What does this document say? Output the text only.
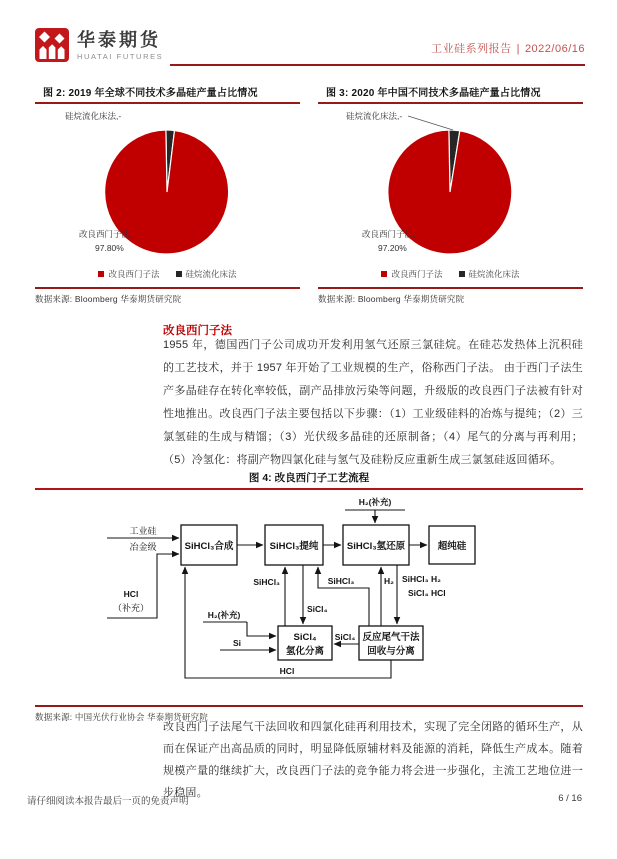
华泰期货
HUATAI FUTURES
工业硅系列报告 | 2022/06/16
图 2: 2019 年全球不同技术多晶硅产量占比情况
硅烷流化床法,-
改良西门子法,
97.80%
改良西门子法	硅烷流化床法
数据来源: Bloomberg 华泰期货研究院
图 3: 2020 年中国不同技术多晶硅产量占比情况
硅烷流化床法,-
改良西门子法,
97.20%
改良西门子法	硅烷流化床法
数据来源: Bloomberg 华泰期货研究院
改良西门子法
1955 年，德国西门子公司成功开发利用氢气还原三氯硅烷。在硅芯发热体上沉积硅的工艺技术，并于 1957 年开始了工业规模的生产，俗称西门子法。 由于西门子法生产多晶硅存在转化率较低，副产品排放污染等问题，升级版的改良西门子法被有针对性地推出。改良西门子法主要包括以下步骤：（1）工业级硅料的冶炼与提纯；（2）三氯氢硅的生成与精馏；（3）光伏级多晶硅的还原制备；（4）尾气的分离与再利用；（5）冷氢化：将副产物四氯化硅与氢气及硅粉反应重新生成三氯氢硅返回循环。
图 4: 改良西门子工艺流程
SiHCl₃合成	SiHCl₃提纯	SiHCl₃氢还原	超纯硅
SiCl₄
氢化分离
反应尾气干法
回收与分离
工业硅
冶金级
HCl
（补充）
H₂(补充)
H₂(补充)
Si
SiHCl₃
SiCl₄
SiHCl₃	H₂ SiHCl₃ H₂
SiCl₄ HCl
SiCl₄
HCl
数据来源: 中国光伏行业协会 华泰期货研究院
改良西门子法尾气干法回收和四氯化硅再利用技术，实现了完全闭路的循环生产，从而在保证产出高品质的同时，明显降低原辅材料及能源的消耗，降低生产成本。随着规模产量的继续扩大，改良西门子法的竞争能力将会进一步强化，主流工艺地位进一步稳固。
请仔细阅读本报告最后一页的免责声明	6 / 16
